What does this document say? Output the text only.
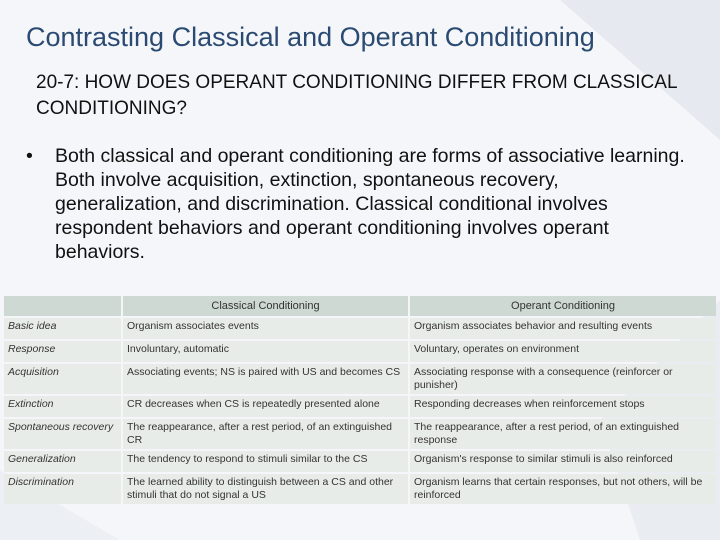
Contrasting Classical and Operant Conditioning
20-7: HOW DOES OPERANT CONDITIONING DIFFER FROM CLASSICAL CONDITIONING?
•	Both classical and operant conditioning are forms of associative learning. Both involve acquisition, extinction, spontaneous recovery, generalization, and discrimination. Classical conditional involves respondent behaviors and operant conditioning involves operant behaviors.
	Classical Conditioning	Operant Conditioning
Basic idea	Organism associates events	Organism associates behavior and resulting events
Response	Involuntary, automatic	Voluntary, operates on environment
Acquisition	Associating events; NS is paired with US and becomes CS	Associating response with a consequence (reinforcer or punisher)
Extinction	CR decreases when CS is repeatedly presented alone	Responding decreases when reinforcement stops
Spontaneous recovery	The reappearance, after a rest period, of an extinguished CR	The reappearance, after a rest period, of an extinguished response
Generalization	The tendency to respond to stimuli similar to the CS	Organism's response to similar stimuli is also reinforced
Discrimination	The learned ability to distinguish between a CS and other stimuli that do not signal a US	Organism learns that certain responses, but not others, will be reinforced
